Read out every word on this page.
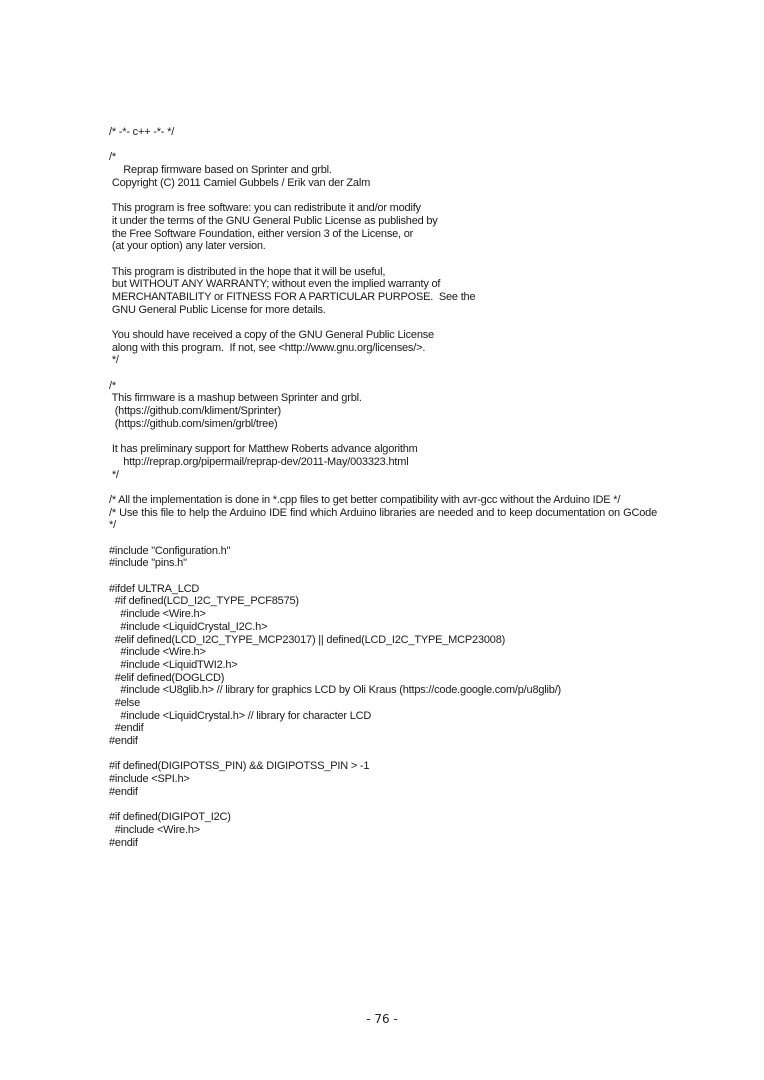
/* -*- c++ -*- */
/*
Reprap firmware based on Sprinter and grbl.
Copyright (C) 2011 Camiel Gubbels / Erik van der Zalm
This program is free software: you can redistribute it and/or modify
it under the terms of the GNU General Public License as published by
the Free Software Foundation, either version 3 of the License, or
(at your option) any later version.
This program is distributed in the hope that it will be useful,
but WITHOUT ANY WARRANTY; without even the implied warranty of
MERCHANTABILITY or FITNESS FOR A PARTICULAR PURPOSE.  See the
GNU General Public License for more details.
You should have received a copy of the GNU General Public License
along with this program.  If not, see <http://www.gnu.org/licenses/>.
*/
/*
This firmware is a mashup between Sprinter and grbl.
(https://github.com/kliment/Sprinter)
(https://github.com/simen/grbl/tree)
It has preliminary support for Matthew Roberts advance algorithm
http://reprap.org/pipermail/reprap-dev/2011-May/003323.html
*/
/* All the implementation is done in *.cpp files to get better compatibility with avr-gcc without the Arduino IDE */
/* Use this file to help the Arduino IDE find which Arduino libraries are needed and to keep documentation on GCode
*/
#include "Configuration.h"
#include "pins.h"
#ifdef ULTRA_LCD
#if defined(LCD_I2C_TYPE_PCF8575)
#include <Wire.h>
#include <LiquidCrystal_I2C.h>
#elif defined(LCD_I2C_TYPE_MCP23017) || defined(LCD_I2C_TYPE_MCP23008)
#include <Wire.h>
#include <LiquidTWI2.h>
#elif defined(DOGLCD)
#include <U8glib.h> // library for graphics LCD by Oli Kraus (https://code.google.com/p/u8glib/)
#else
#include <LiquidCrystal.h> // library for character LCD
#endif
#endif
#if defined(DIGIPOTSS_PIN) && DIGIPOTSS_PIN > -1
#include <SPI.h>
#endif
#if defined(DIGIPOT_I2C)
#include <Wire.h>
#endif
- 76 -
